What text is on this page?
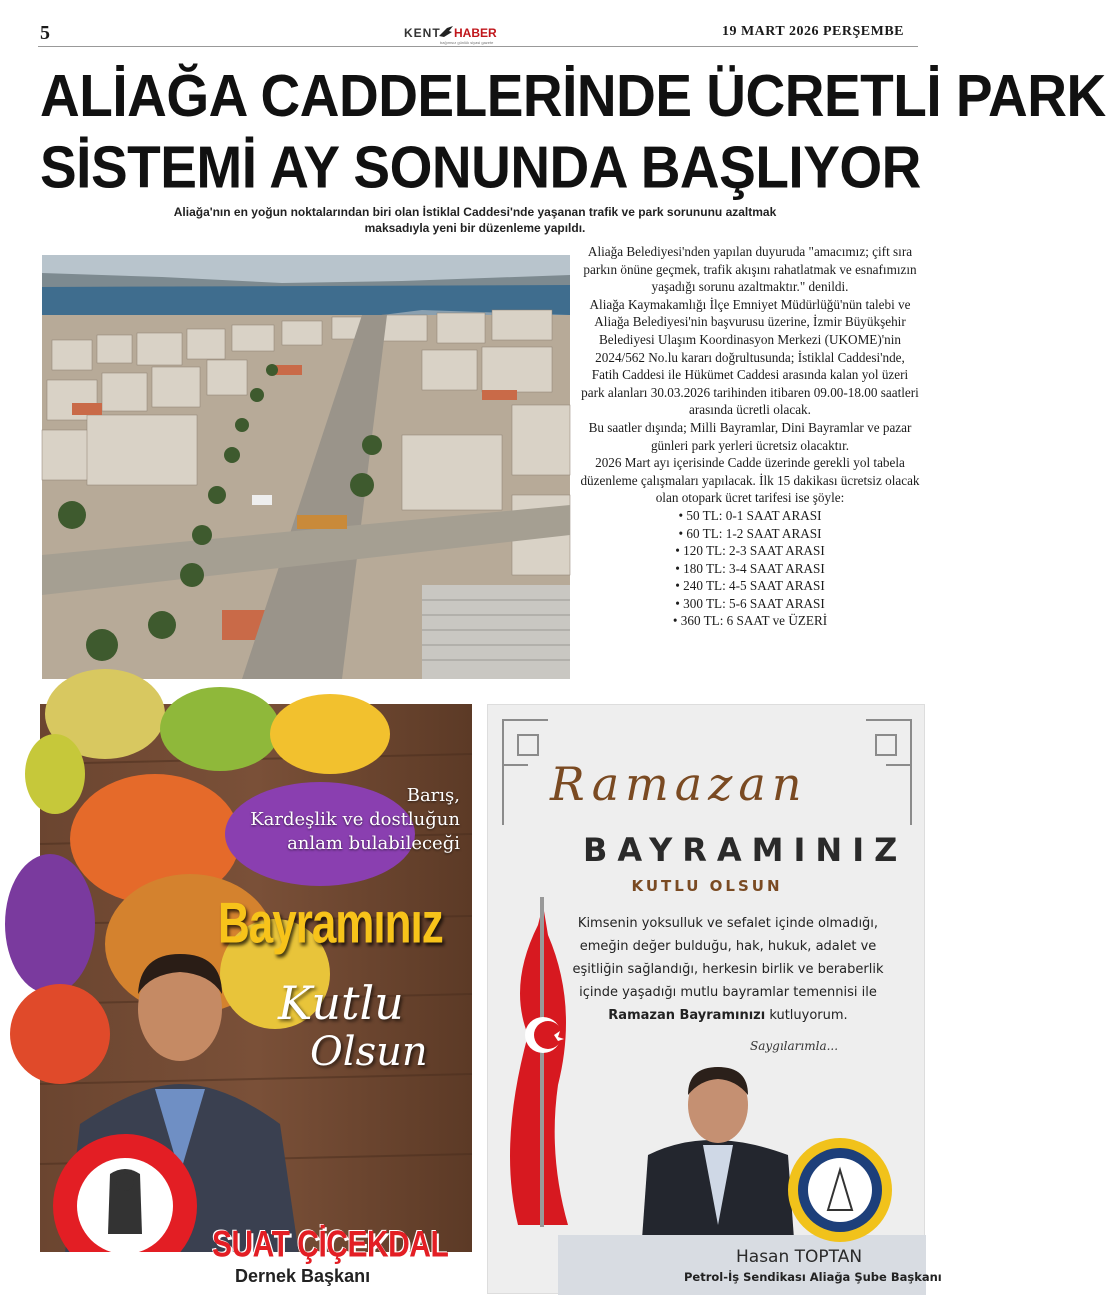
5	KENT HABER
bağımsız günlük siyasi gazete
19 MART 2026 PERŞEMBE
ALİAĞA CADDELERİNDE ÜCRETLİ PARK
SİSTEMİ AY SONUNDA BAŞLIYOR
Aliağa'nın en yoğun noktalarından biri olan İstiklal Caddesi'nde yaşanan trafik ve park sorununu azaltmak maksadıyla yeni bir düzenleme yapıldı.

Aliağa Belediyesi'nden yapılan duyuruda "amacımız; çift sıra parkın önüne geçmek, trafik akışını rahatlatmak ve esnafımızın yaşadığı sorunu azaltmaktır." denildi.

Aliağa Kaymakamlığı İlçe Emniyet Müdürlüğü'nün talebi ve Aliağa Belediyesi'nin başvurusu üzerine, İzmir Büyükşehir Belediyesi Ulaşım Koordinasyon Merkezi (UKOME)'nin 2024/562 No.lu kararı doğrultusunda; İstiklal Caddesi'nde, Fatih Caddesi ile Hükümet Caddesi arasında kalan yol üzeri park alanları 30.03.2026 tarihinden itibaren 09.00-18.00 saatleri arasında ücretli olacak.

Bu saatler dışında; Milli Bayramlar, Dini Bayramlar ve pazar günleri park yerleri ücretsiz olacaktır.

2026 Mart ayı içerisinde Cadde üzerinde gerekli yol tabela düzenleme çalışmaları yapılacak. İlk 15 dakikası ücretsiz olacak olan otopark ücret tarifesi ise şöyle:

• 50 TL: 0-1 SAAT ARASI
• 60 TL: 1-2 SAAT ARASI
• 120 TL: 2-3 SAAT ARASI
• 180 TL: 3-4 SAAT ARASI
• 240 TL: 4-5 SAAT ARASI
• 300 TL: 5-6 SAAT ARASI
• 360 TL: 6 SAAT ve ÜZERİ
Barış,
Kardeşlik ve dostluğun
anlam bulabileceği
Bayramınız
Kutlu
Olsun
SUAT ÇİÇEKDAL
Dernek Başkanı
Ramazan
BAYRAMINIZ
KUTLU OLSUN
Kimsenin yoksulluk ve sefalet içinde olmadığı,
emeğin değer bulduğu, hak, hukuk, adalet ve
eşitliğin sağlandığı, herkesin birlik ve beraberlik
içinde yaşadığı mutlu bayramlar temennisi ile
Ramazan Bayramınızı kutluyorum.
Saygılarımla...
Hasan TOPTAN
Petrol-İş Sendikası Aliağa Şube Başkanı
